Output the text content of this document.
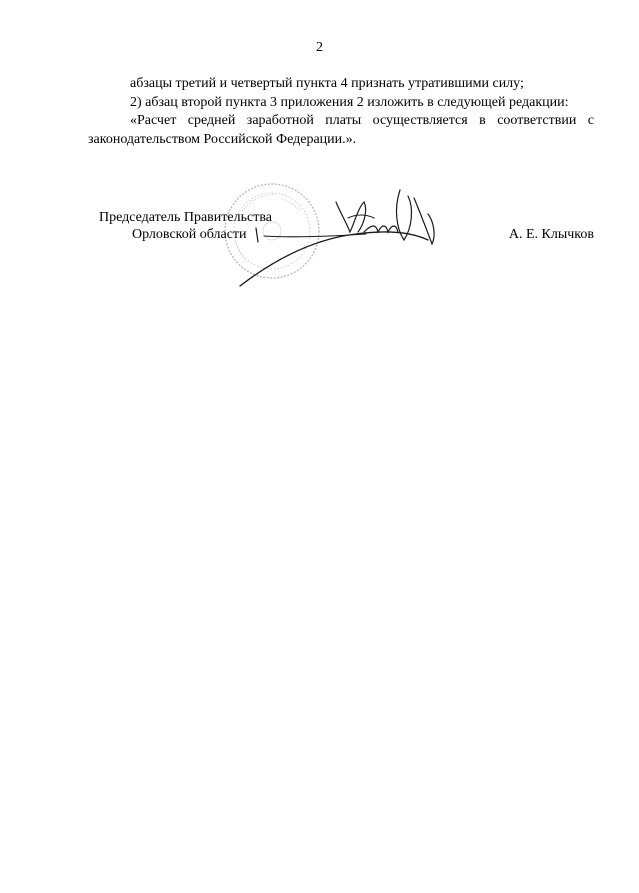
2

абзацы третий и четвертый пункта 4 признать утратившими силу;

2) абзац второй пункта 3 приложения 2 изложить в следующей редакции:

«Расчет средней заработной платы осуществляется в соответствии с законодательством Российской Федерации.».

Председатель Правительства
Орловской области	А. Е. Клычков
